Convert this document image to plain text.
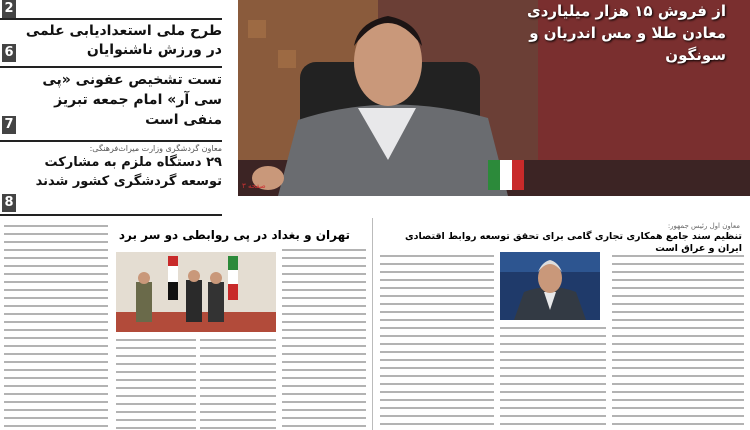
2
طرح ملی استعدادیابی علمی در ورزش ناشنوایان
6
تست تشخیص عفونی «پی سی آر» امام جمعه تبریز منفی است
7
معاون گردشگری وزارت میراث‌فرهنگی:
۲۹ دستگاه ملزم به مشارکت توسعه گردشگری کشور شدند
8
از فروش ۱۵ هزار میلیاردی معادن طلا و مس اندریان و سونگون
صفحه ۳
تهران و بغداد در پی روابطی دو سر برد
معاون اول رئیس جمهور:
تنظیم سند جامع همکاری تجاری گامی برای تحقق توسعه روابط اقتصادی ایران و عراق است
